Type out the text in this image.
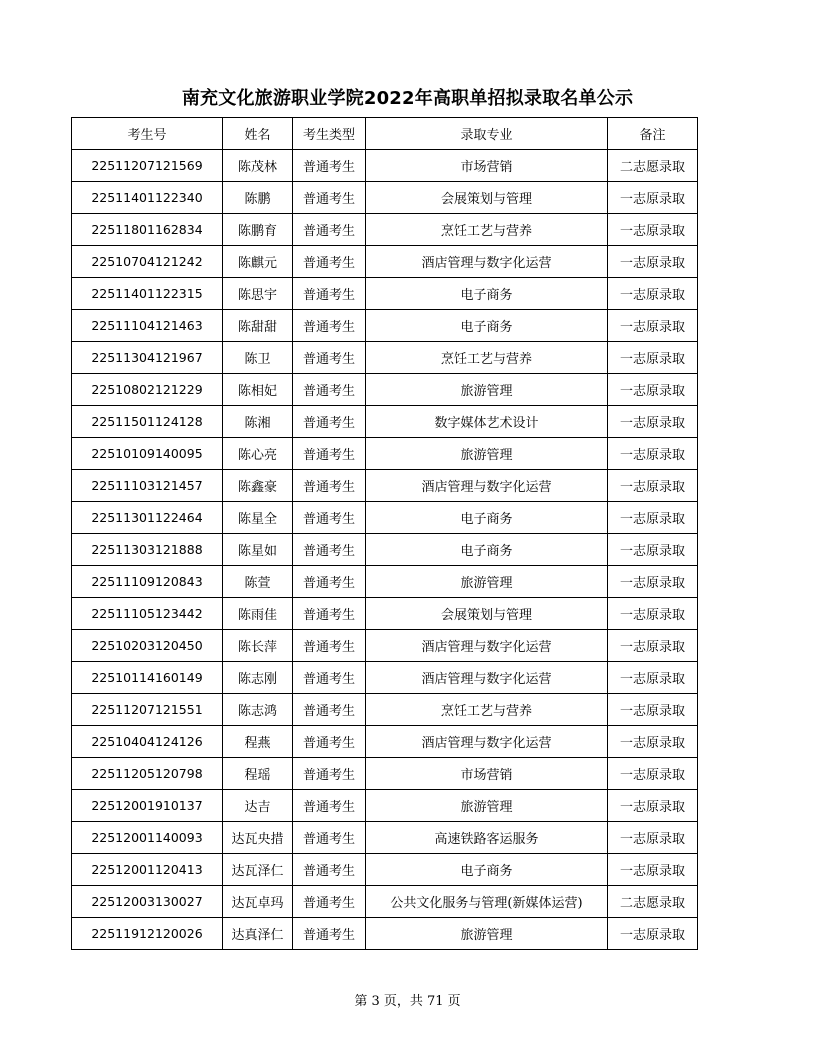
南充文化旅游职业学院2022年高职单招拟录取名单公示
考生号	姓名	考生类型	录取专业	备注
22511207121569	陈茂林	普通考生	市场营销	二志愿录取
22511401122340	陈鹏	普通考生	会展策划与管理	一志原录取
22511801162834	陈鹏育	普通考生	烹饪工艺与营养	一志原录取
22510704121242	陈麒元	普通考生	酒店管理与数字化运营	一志原录取
22511401122315	陈思宇	普通考生	电子商务	一志原录取
22511104121463	陈甜甜	普通考生	电子商务	一志原录取
22511304121967	陈卫	普通考生	烹饪工艺与营养	一志原录取
22510802121229	陈相妃	普通考生	旅游管理	一志原录取
22511501124128	陈湘	普通考生	数字媒体艺术设计	一志原录取
22510109140095	陈心亮	普通考生	旅游管理	一志原录取
22511103121457	陈鑫豪	普通考生	酒店管理与数字化运营	一志原录取
22511301122464	陈星全	普通考生	电子商务	一志原录取
22511303121888	陈星如	普通考生	电子商务	一志原录取
22511109120843	陈萱	普通考生	旅游管理	一志原录取
22511105123442	陈雨佳	普通考生	会展策划与管理	一志原录取
22510203120450	陈长萍	普通考生	酒店管理与数字化运营	一志原录取
22510114160149	陈志刚	普通考生	酒店管理与数字化运营	一志原录取
22511207121551	陈志鸿	普通考生	烹饪工艺与营养	一志原录取
22510404124126	程燕	普通考生	酒店管理与数字化运营	一志原录取
22511205120798	程瑶	普通考生	市场营销	一志原录取
22512001910137	达吉	普通考生	旅游管理	一志原录取
22512001140093	达瓦央措	普通考生	高速铁路客运服务	一志原录取
22512001120413	达瓦泽仁	普通考生	电子商务	一志原录取
22512003130027	达瓦卓玛	普通考生	公共文化服务与管理(新媒体运营)	二志愿录取
22511912120026	达真泽仁	普通考生	旅游管理	一志原录取
第 3 页，共 71 页
